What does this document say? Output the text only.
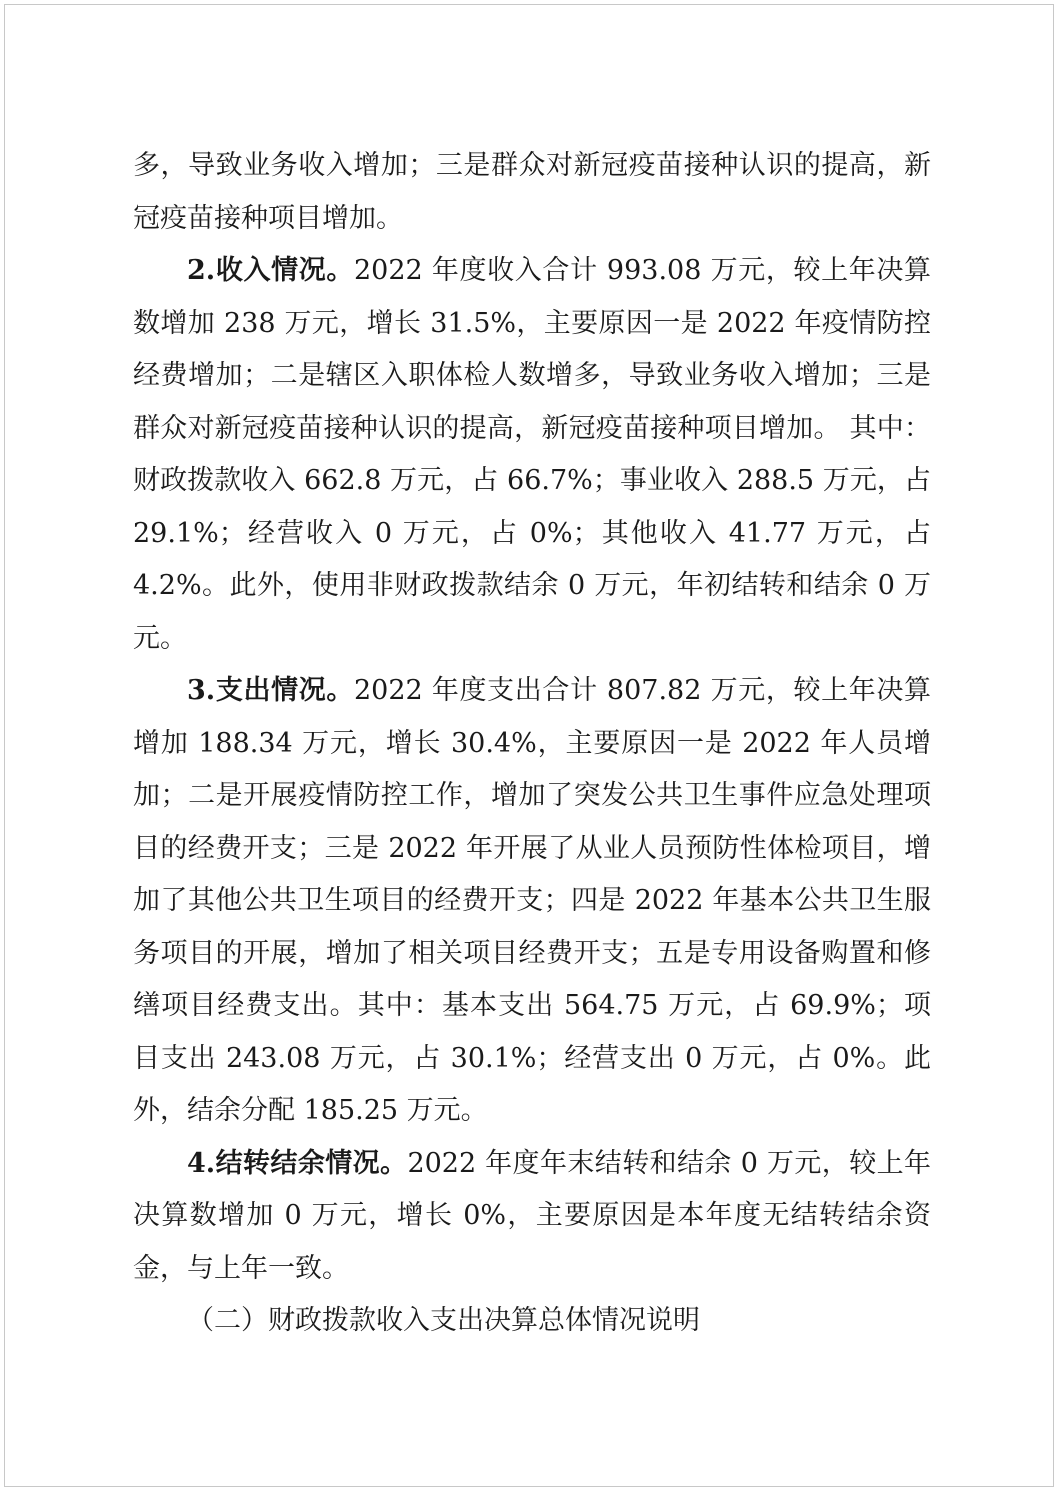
多，导致业务收入增加；三是群众对新冠疫苗接种认识的提高，新冠疫苗接种项目增加。

2.收入情况。2022 年度收入合计 993.08 万元，较上年决算数增加 238 万元，增长 31.5%，主要原因一是 2022 年疫情防控经费增加；二是辖区入职体检人数增多，导致业务收入增加；三是群众对新冠疫苗接种认识的提高，新冠疫苗接种项目增加。 其中：财政拨款收入 662.8 万元，占 66.7%；事业收入 288.5 万元，占 29.1%；经营收入 0 万元，占 0%；其他收入 41.77 万元，占 4.2%。此外，使用非财政拨款结余 0 万元，年初结转和结余 0 万元。

3.支出情况。2022 年度支出合计 807.82 万元，较上年决算增加 188.34 万元，增长 30.4%，主要原因一是 2022 年人员增加；二是开展疫情防控工作，增加了突发公共卫生事件应急处理项目的经费开支；三是 2022 年开展了从业人员预防性体检项目，增加了其他公共卫生项目的经费开支；四是 2022 年基本公共卫生服务项目的开展，增加了相关项目经费开支；五是专用设备购置和修缮项目经费支出。其中：基本支出 564.75 万元，占 69.9%；项目支出 243.08 万元，占 30.1%；经营支出 0 万元，占 0%。此外，结余分配 185.25 万元。

4.结转结余情况。2022 年度年末结转和结余 0 万元，较上年决算数增加 0 万元，增长 0%，主要原因是本年度无结转结余资金，与上年一致。

（二）财政拨款收入支出决算总体情况说明
